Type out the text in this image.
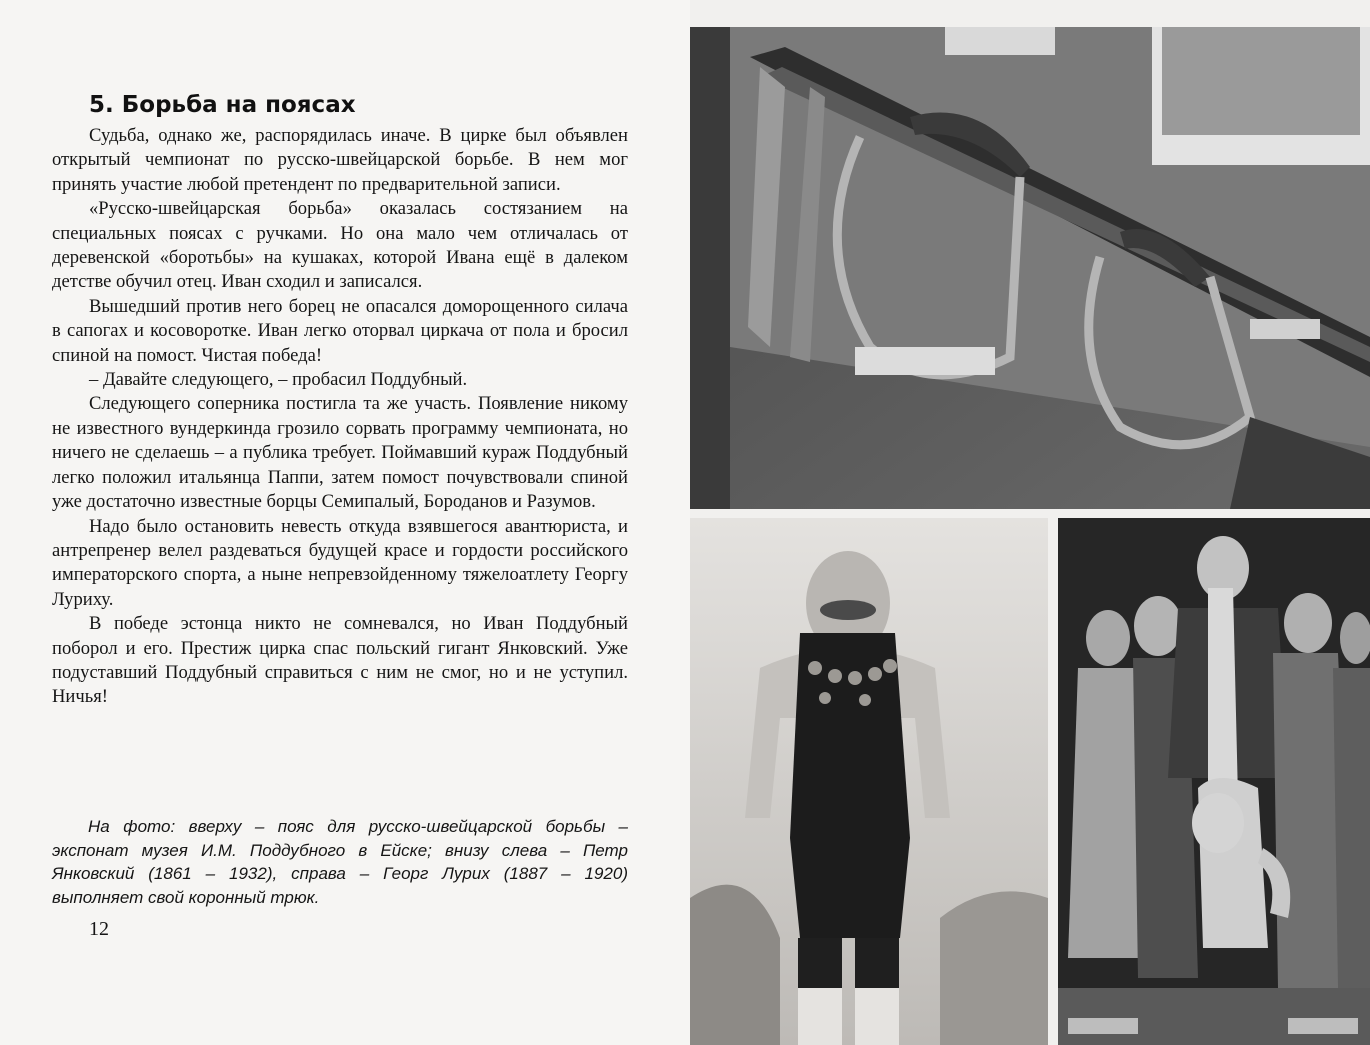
5. Борьба на поясах

Судьба, однако же, распорядилась иначе. В цирке был объявлен открытый чемпионат по русско-швейцарской борьбе. В нем мог принять участие любой претендент по предварительной записи.

«Русско-швейцарская борьба» оказалась состязанием на специальных поясах с ручками. Но она мало чем отличалась от деревенской «боротьбы» на кушаках, которой Ивана ещё в далеком детстве обучил отец. Иван сходил и записался.

Вышедший против него борец не опасался доморощенного силача в сапогах и косоворотке. Иван легко оторвал циркача от пола и бросил спиной на помост. Чистая победа!

– Давайте следующего, – пробасил Поддубный.

Следующего соперника постигла та же участь. Появление никому не известного вундеркинда грозило сорвать программу чемпионата, но ничего не сделаешь – а публика требует. Поймавший кураж Поддубный легко положил итальянца Паппи, затем помост почувствовали спиной уже достаточно известные борцы Семипалый, Бороданов и Разумов.

Надо было остановить невесть откуда взявшегося авантюриста, и антрепренер велел раздеваться будущей красе и гордости российского императорского спорта, а ныне непревзойденному тяжелоатлету Георгу Луриху.

В победе эстонца никто не сомневался, но Иван Поддубный поборол и его. Престиж цирка спас польский гигант Янковский. Уже подуставший Поддубный справиться с ним не смог, но и не уступил. Ничья!

На фото: вверху – пояс для русско-швейцарской борьбы – экспонат музея И.М. Поддубного в Ейске; внизу слева – Петр Янковский (1861 – 1932), справа – Георг Лурих (1887 – 1920) выполняет свой коронный трюк.
12
